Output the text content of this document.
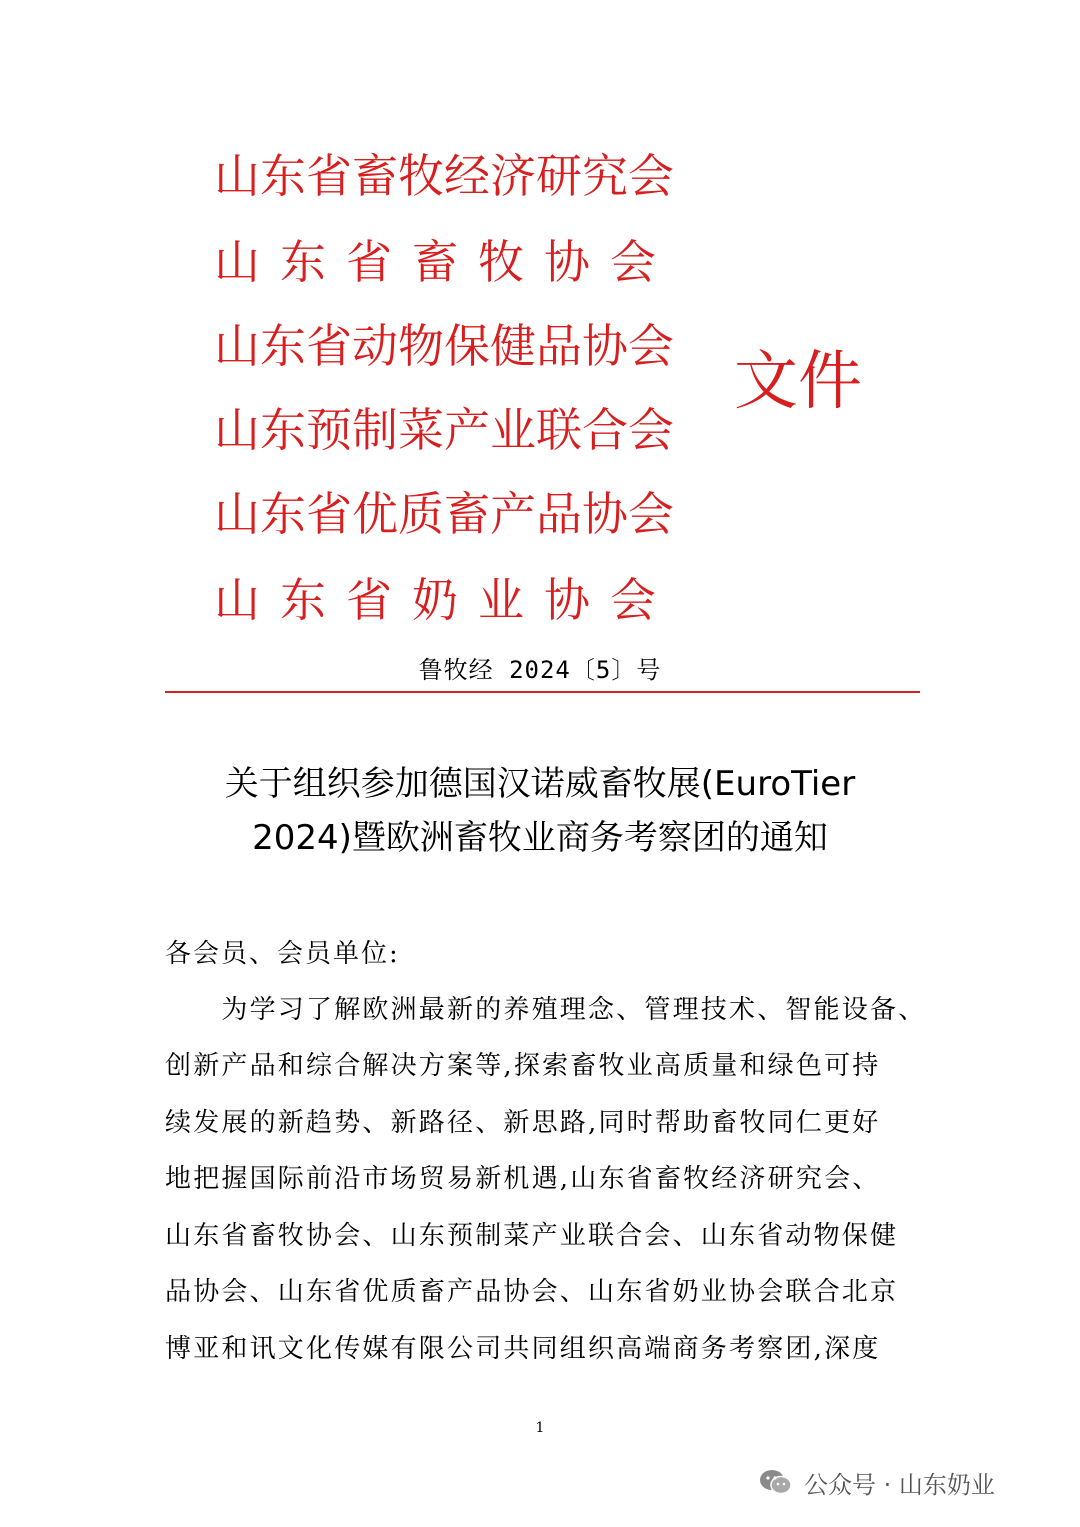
山东省畜牧经济研究会
山东省畜牧协会
山东省动物保健品协会
山东预制菜产业联合会
山东省优质畜产品协会
山东省奶业协会
文件
鲁牧经 2024〔5〕号
关于组织参加德国汉诺威畜牧展(EuroTier
2024)暨欧洲畜牧业商务考察团的通知
各会员、会员单位:
　　为学习了解欧洲最新的养殖理念、管理技术、智能设备、
创新产品和综合解决方案等,探索畜牧业高质量和绿色可持
续发展的新趋势、新路径、新思路,同时帮助畜牧同仁更好
地把握国际前沿市场贸易新机遇,山东省畜牧经济研究会、
山东省畜牧协会、山东预制菜产业联合会、山东省动物保健
品协会、山东省优质畜产品协会、山东省奶业协会联合北京
博亚和讯文化传媒有限公司共同组织高端商务考察团,深度
1
公众号 · 山东奶业
